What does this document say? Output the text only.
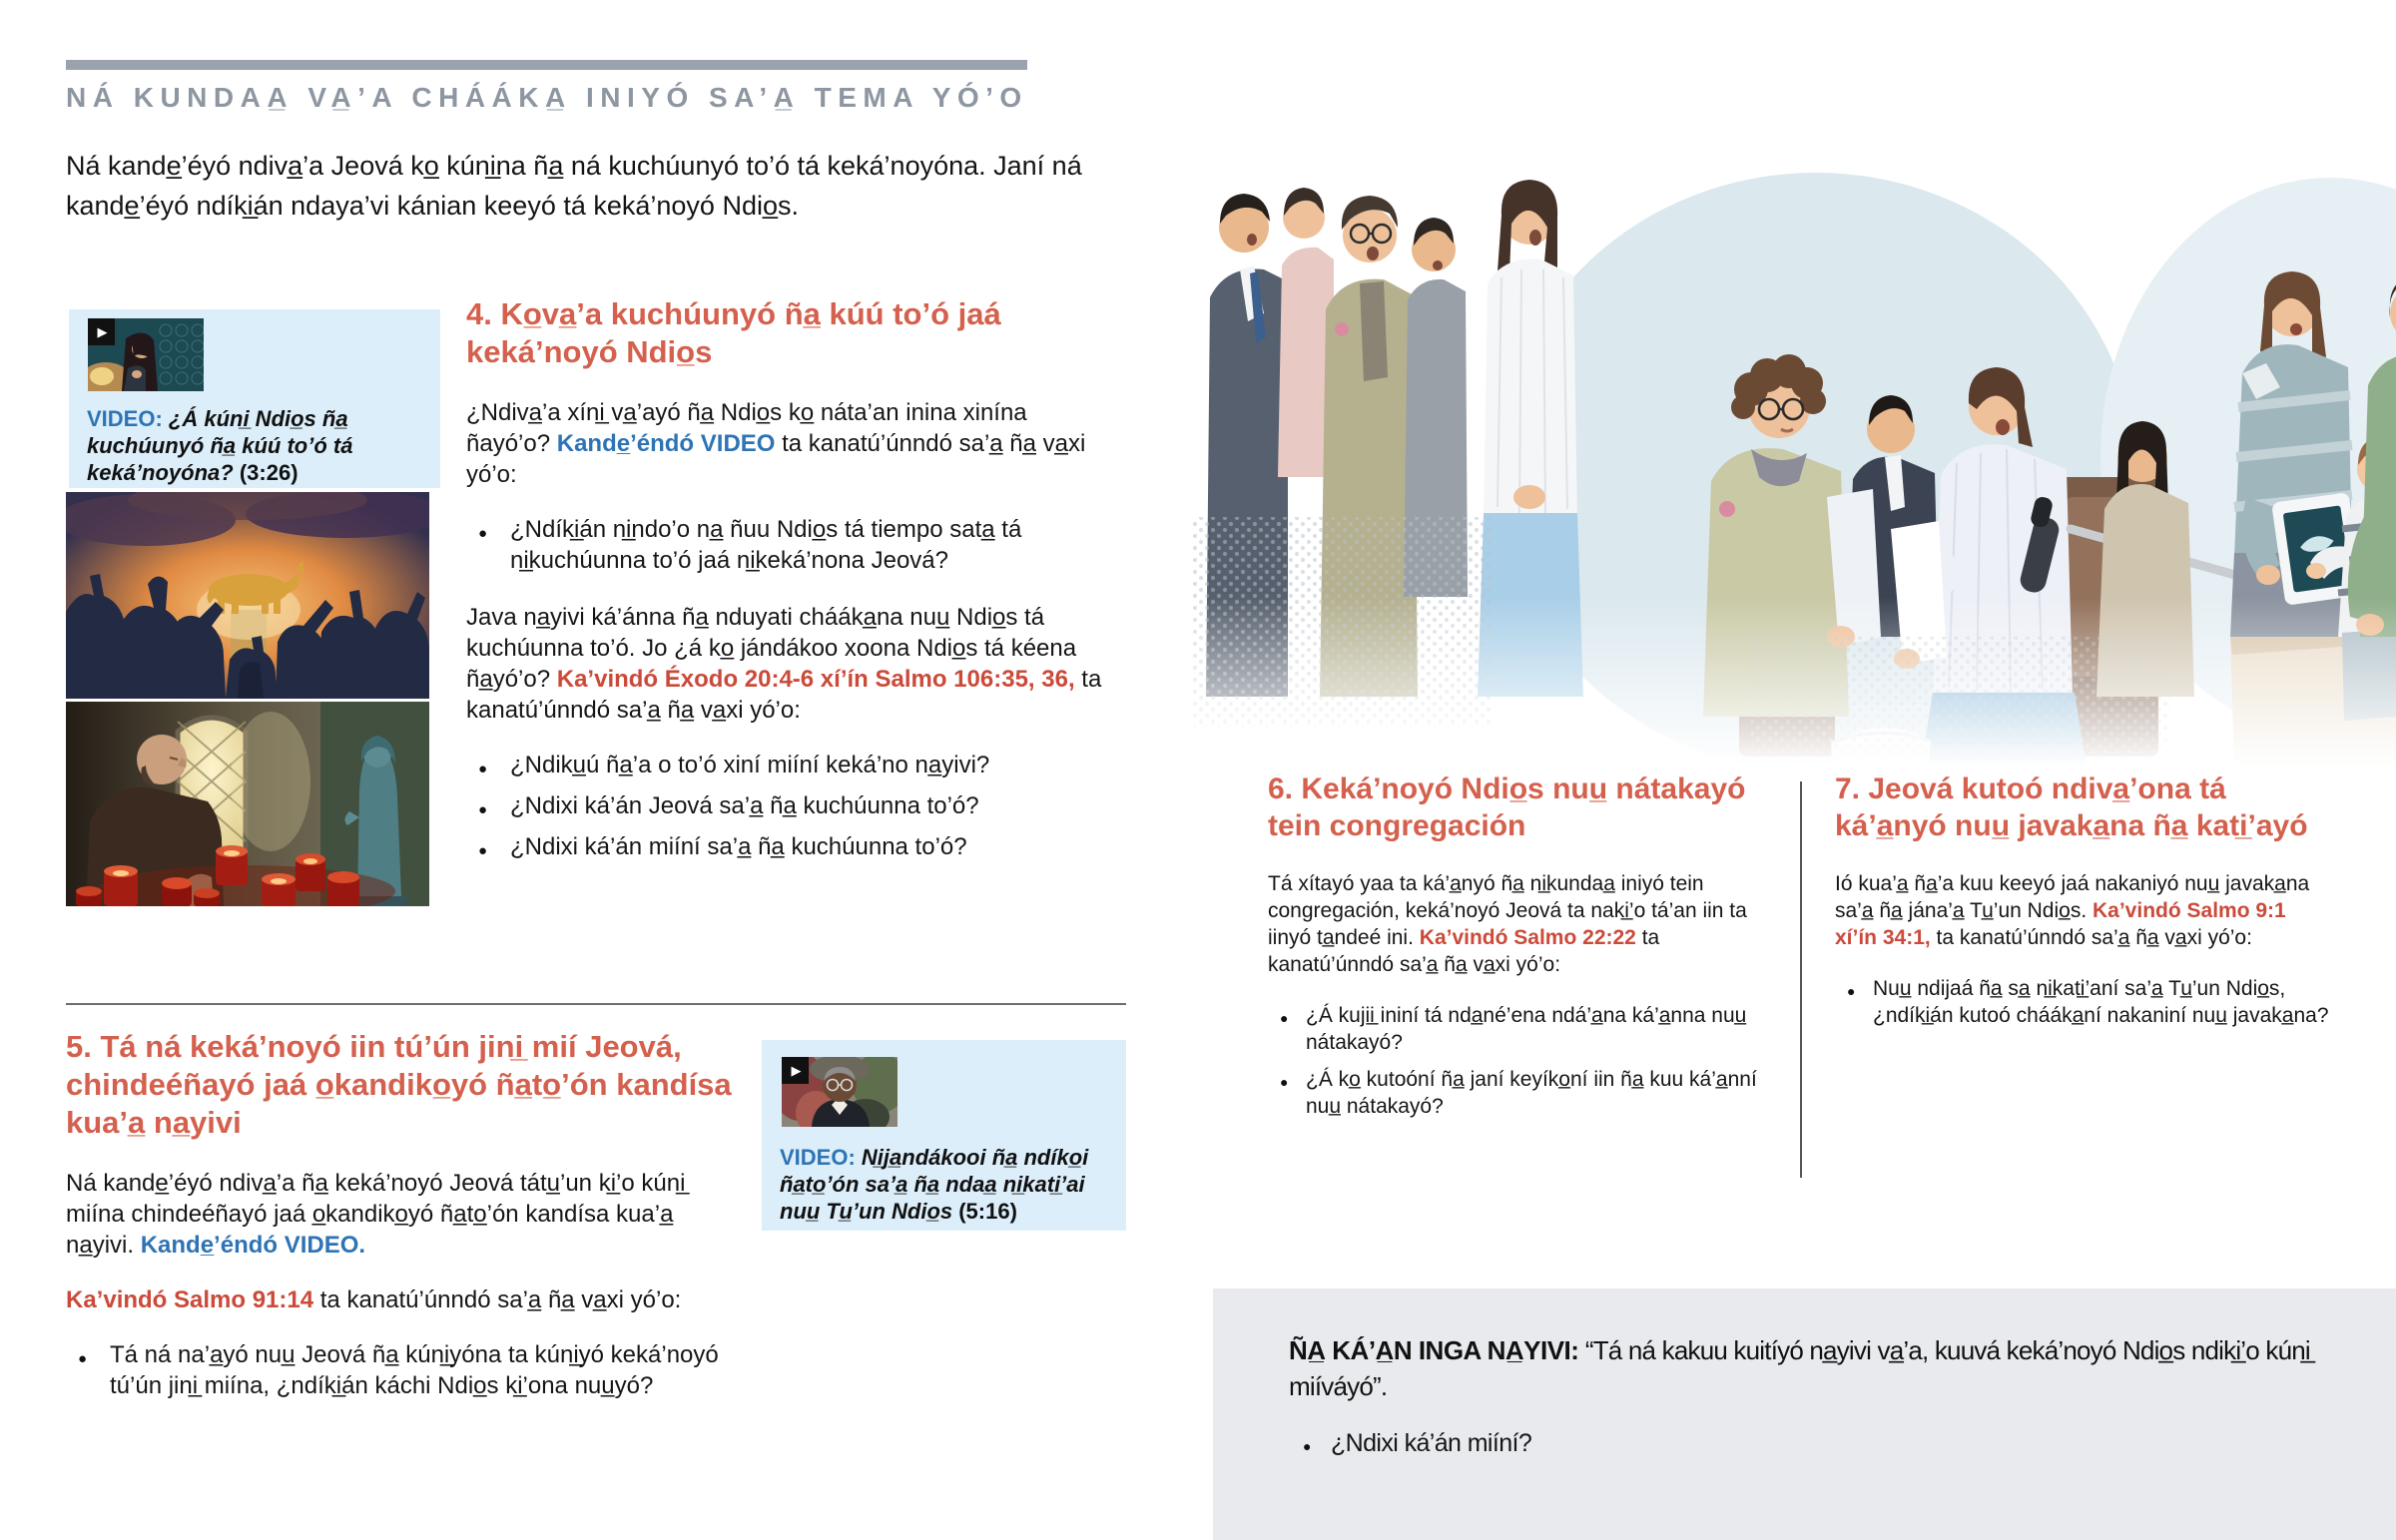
NÁ KUNDAA̲ VA̲’A CHÁÁKA̲ INIYÓ SA’A̲ TEMA YÓ’O
Ná kande̲’éyó ndiva̲’a Jeová ko̲ kúni̲na ña̲ ná kuchúunyó to’ó tá keká’noyóna. Janí ná kande̲’éyó ndíki̲án ndaya’vi kánian keeyó tá keká’noyó Ndio̲s.
▶
VIDEO: ¿Á kúni̲ Ndio̲s ña̲ kuchúunyó ña̲ kúú to’ó tá keká’noyóna? (3:26)
4. Ko̲va̲’a kuchúunyó ña̲ kúú to’ó jaá keká’noyó Ndio̲s

¿Ndiva̲’a xíni̲ va̲’ayó ña̲ Ndio̲s ko̲ náta’an inina xinína ñayó’o? Kande̲’éndó VIDEO ta kanatú’únndó sa’a̲ ña̲ va̲xi yó’o:

● ¿Ndíki̲án ni̲ndo’o na̲ ñuu Ndio̲s tá tiempo sata̲ tá ni̲kuchúunna to’ó jaá ni̲keká’nona Jeová?

Java na̲yivi ká’ánna ña̲ nduyati chááka̲na nuu̲ Ndio̲s tá kuchúunna to’ó. Jo ¿á ko̲ jándákoo xoona Ndio̲s tá kéena ña̲yó’o? Ka’vindó Éxodo 20:4-6 xí’ín Salmo 106:35, 36, ta kanatú’únndó sa’a̲ ña̲ va̲xi yó’o:

● ¿Ndiku̲ú ña̲’a o to’ó xiní miíní keká’no na̲yivi?
● ¿Ndixi ká’án Jeová sa’a̲ ña̲ kuchúunna to’ó?
● ¿Ndixi ká’án miíní sa’a̲ ña̲ kuchúunna to’ó?
5. Tá ná keká’noyó iin tú’ún jini̲ mií Jeová, chindeéñayó jaá o̲kandiko̲yó ña̲to̲’ón kandísa kua’a̲ na̲yivi

Ná kande̲’éyó ndiva̲’a ña̲ keká’noyó Jeová tátu̲’un ki̲’o kúni̲ miína chindeéñayó jaá o̲kandiko̲yó ña̲to̲’ón kandísa kua’a̲ na̲yivi. Kande̲’éndó VIDEO.

Ka’vindó Salmo 91:14 ta kanatú’únndó sa’a̲ ña̲ va̲xi yó’o:

● Tá ná na’a̲yó nuu̲ Jeová ña̲ kúni̲yóna ta kúni̲yó keká’noyó tú’ún jini̲ miína, ¿ndíki̲án káchi Ndio̲s ki̲’ona nuu̲yó?
▶
VIDEO: Ni̲ja̲ndákooi ña̲ ndíko̲i ña̲to̲’ón sa’a̲ ña̲ ndaa̲ ni̲kati̲’ai nuu̲ Tu̲’un Ndio̲s (5:16)
6. Keká’noyó Ndio̲s nuu̲ nátakayó tein congregación

Tá xítayó yaa ta ká’a̲nyó ña̲ ni̲kundaa̲ iniyó tein congregación, keká’noyó Jeová ta naki̲’o tá’an iin ta iinyó ta̲ndeé ini. Ka’vindó Salmo 22:22 ta kanatú’únndó sa’a̲ ña̲ va̲xi yó’o:

● ¿Á kujii̲ ininí tá nda̲né’ena ndá’a̲na ká’a̲nna nuu̲ nátakayó?
● ¿Á ko̲ kutoóní ña̲ janí keyíko̲ní iin ña̲ kuu ká’a̲nní nuu̲ nátakayó?
7. Jeová kutoó ndiva̲’ona tá ká’a̲nyó nuu̲ javaka̲na ña̲ kati̲’ayó

Ió kua’a̲ ña̲’a kuu keeyó jaá nakaniyó nuu̲ javaka̲na sa’a̲ ña̲ jána’a̲ Tu̲’un Ndio̲s. Ka’vindó Salmo 9:1 xí’ín 34:1, ta kanatú’únndó sa’a̲ ña̲ va̲xi yó’o:

● Nuu̲ ndijaá ña̲ sa̲ ni̲kati̲’aní sa’a̲ Tu̲’un Ndio̲s, ¿ndíki̲án kutoó chááka̲ní nakaniní nuu̲ javaka̲na?

ÑA̲ KÁ’A̲N INGA NA̲YIVI: “Tá ná kakuu kuitíyó na̲yivi va̲’a, kuuvá keká’noyó Ndio̲s ndiki̲’o kúni̲ miíváyó”.

● ¿Ndixi ká’án miíní?
